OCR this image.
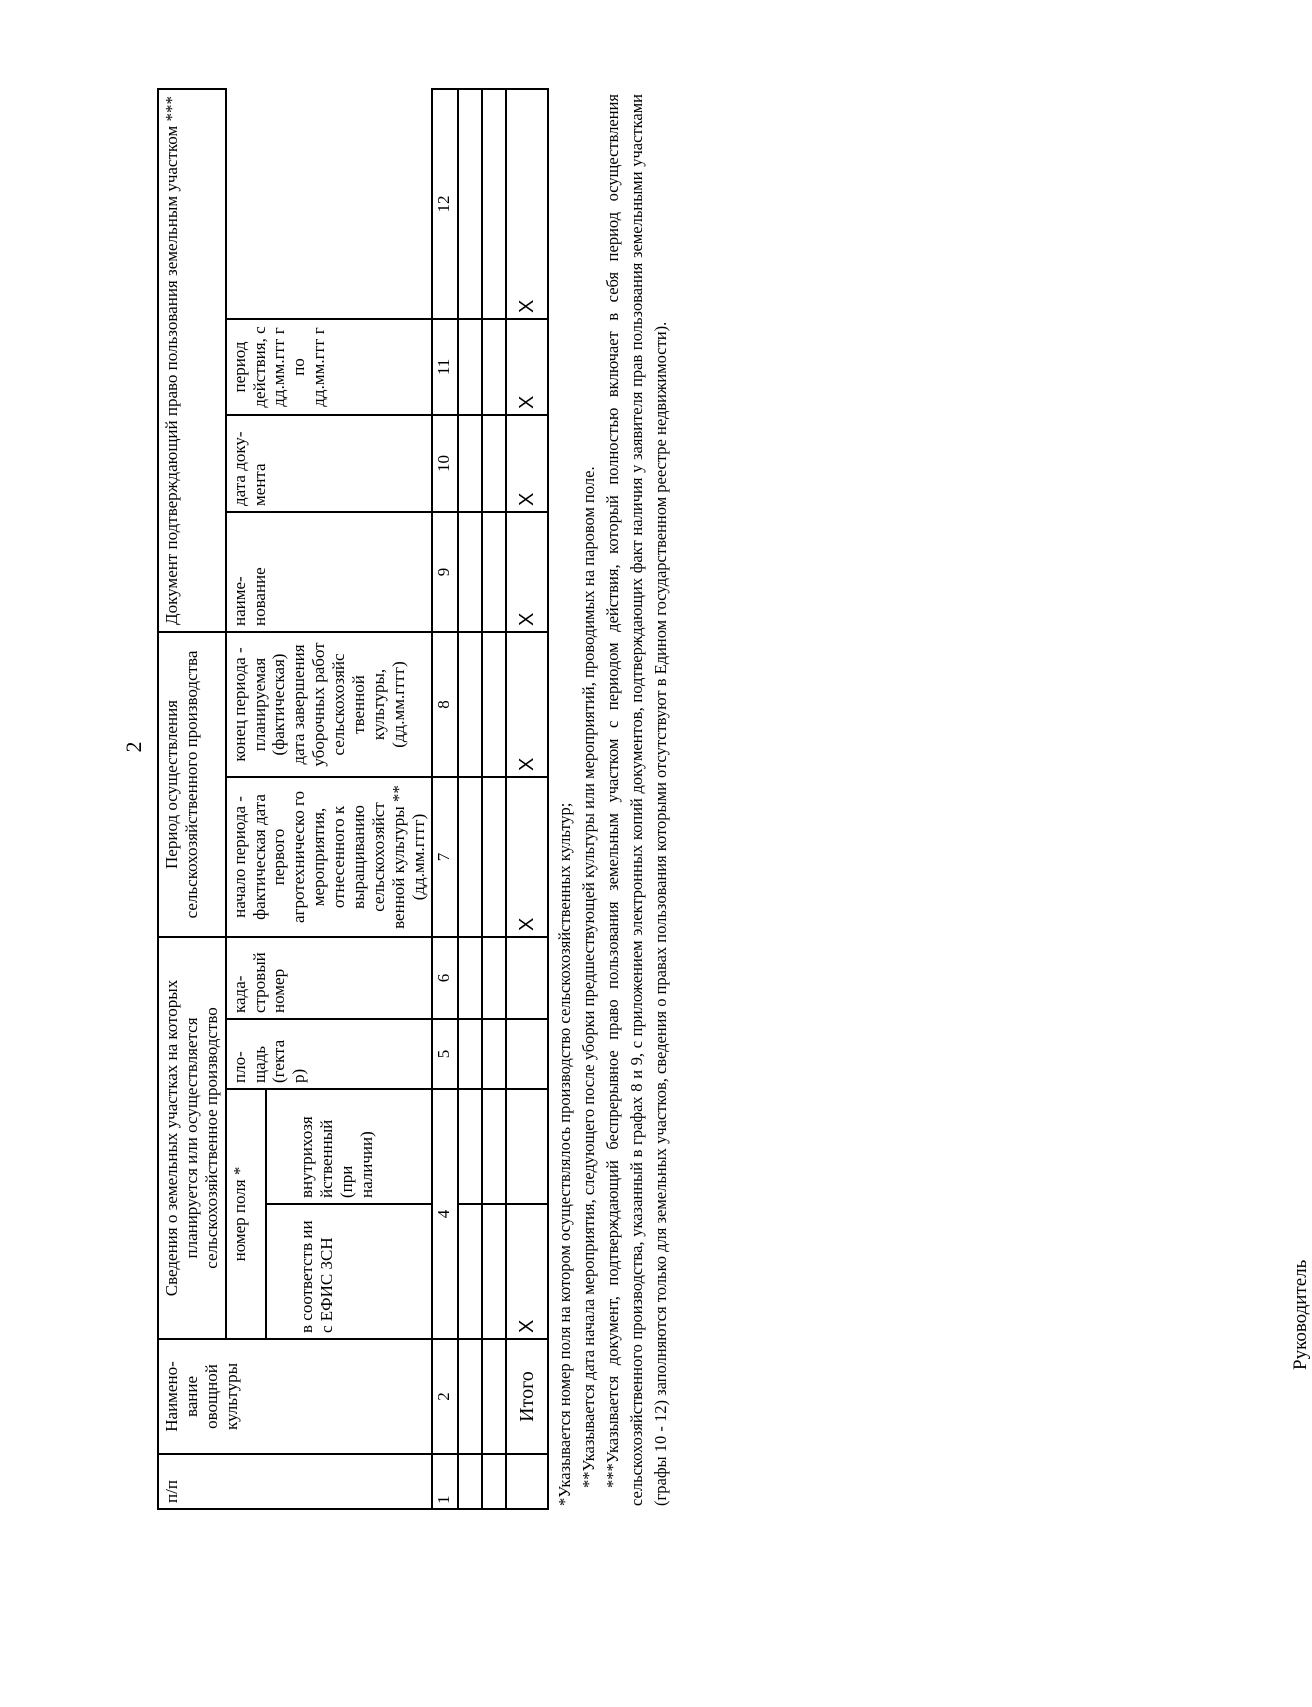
2
п/п	Наимено-вание овощной культуры	Сведения о земельных участках на которых планируется или осуществляется сельскохозяйственное производство				Период осуществления сельскохозяйственного производства		Документ подтверждающий право пользования земельным участком ***			
		номер поля *		пло-щадь (гекта р)	када-стровый номер	начало периода - фактическая дата первого агротехническо го мероприятия, отнесенного к выращиванию сельскохозяйст венной культуры ** (дд.мм.гггг)	конец периода - планируемая (фактическая) дата завершения уборочных работ сельскохозяйс твенной культуры, (дд.мм.гггг)	наиме-нование	дата доку-мента	период действия, с дд.мм.ггг г по дд.мм.ггг г	
		в соответств ии с ЕФИС ЗСН	внутрихозя йственный (при наличии)								
1	2	4		5	6	7	8	9	10	11	12

	Итого	X				X	X	X	X	X	X

*Указывается номер поля на котором осуществлялось производство сельскохозяйственных культур; **Указывается дата начала мероприятия, следующего после уборки предшествующей культуры или мероприятий, проводимых на паровом поле. ***Указывается документ, подтверждающий беспрерывное право пользования земельным участком с периодом действия, который полностью включает в себя период осуществления сельскохозяйственного производства, указанный в графах 8 и 9, с приложением электронных копий документов, подтверждающих факт наличия у заявителя прав пользования земельными участками (графы 10 - 12) заполняются только для земельных участков, сведения о правах пользования которыми отсутствуют в Едином государственном реестре недвижимости).	Руководитель
